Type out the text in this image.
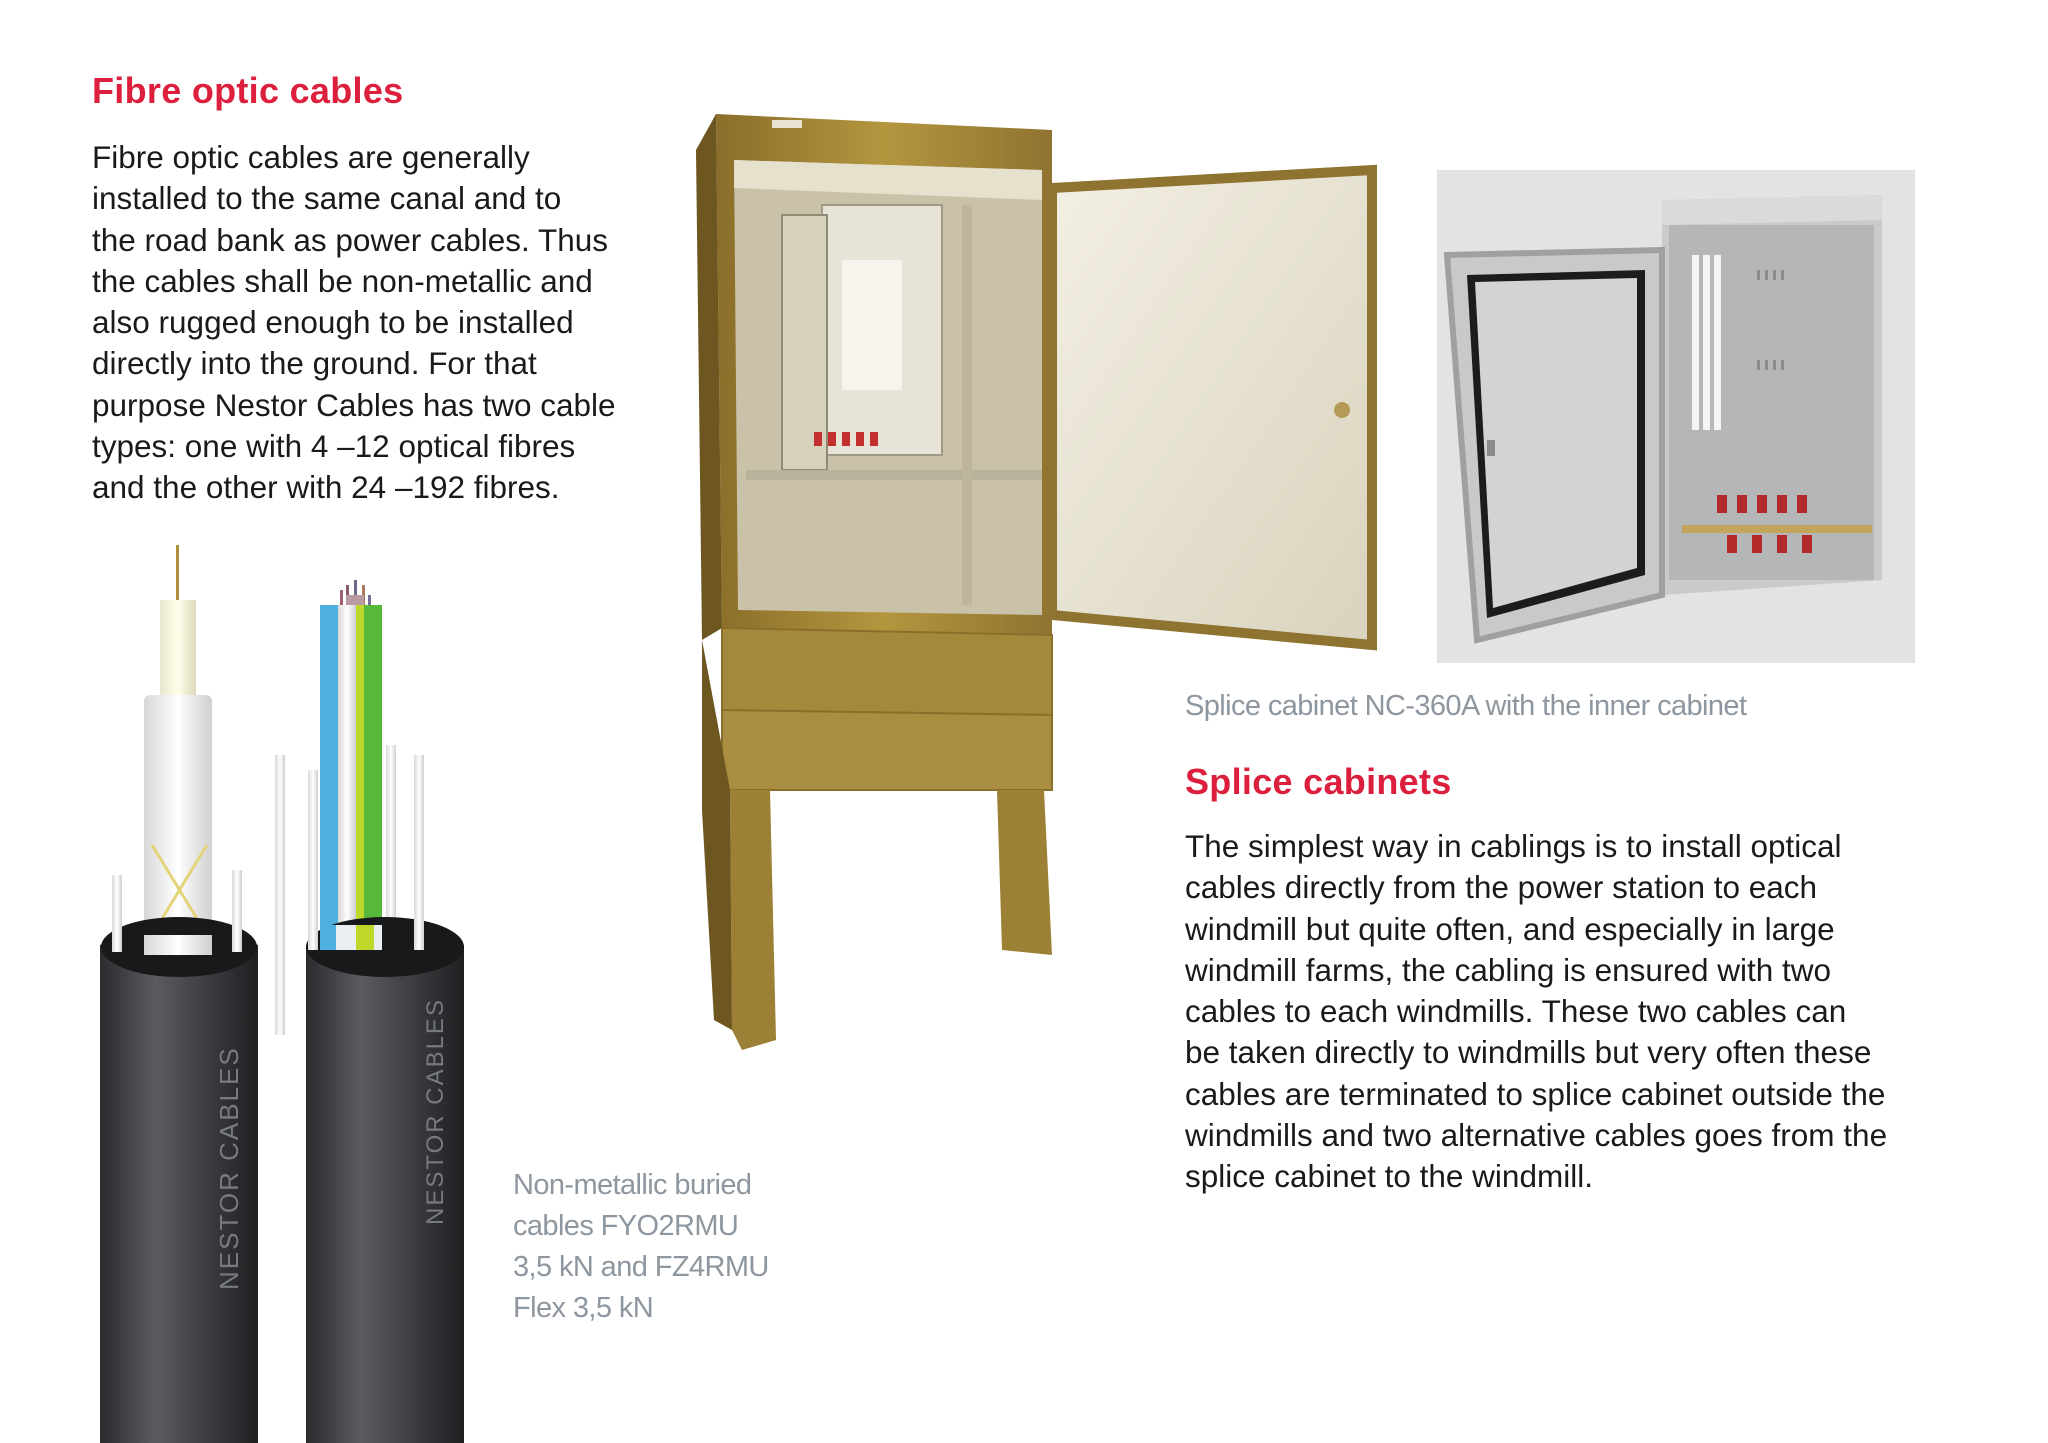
Fibre optic cables

Fibre optic cables are generally
installed to the same canal and to
the road bank as power cables. Thus
the cables shall be non-metallic and
also rugged enough to be installed
directly into the ground. For that
purpose Nestor Cables has two cable
types: one with 4 –12 optical fibres
and the other with 24 –192 fibres.

NESTOR CABLES	NESTOR CABLES Non-metallic buried
cables FYO2RMU
3,5 kN and FZ4RMU
Flex 3,5 kN

Splice cabinet NC-360A with the inner cabinet

Splice cabinets

The simplest way in cablings is to install optical
cables directly from the power station to each
windmill but quite often, and especially in large
windmill farms, the cabling is ensured with two
cables to each windmills. These two cables can
be taken directly to windmills but very often these
cables are terminated to splice cabinet outside the
windmills and two alternative cables goes from the
splice cabinet to the windmill.
